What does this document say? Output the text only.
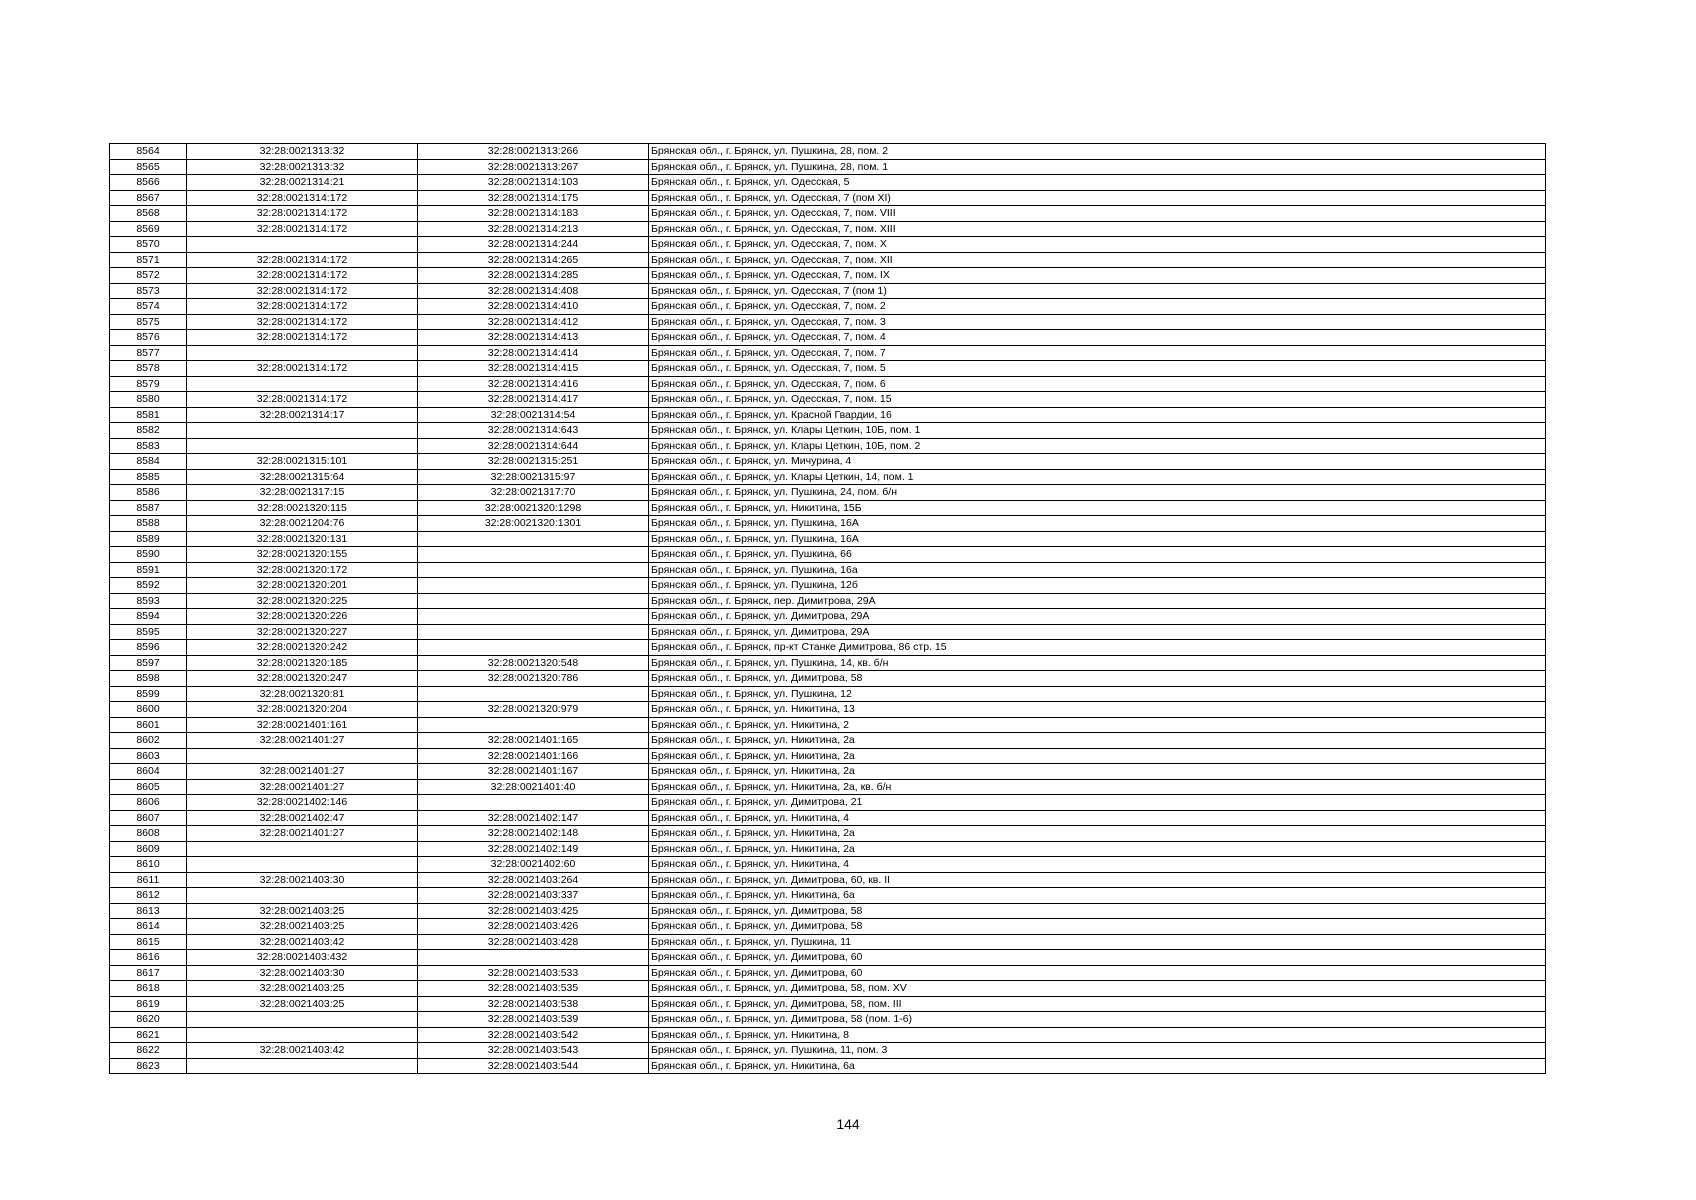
8564	32:28:0021313:32	32:28:0021313:266	Брянская обл., г. Брянск, ул. Пушкина, 28, пом. 2
8565	32:28:0021313:32	32:28:0021313:267	Брянская обл., г. Брянск, ул. Пушкина, 28, пом. 1
8566	32:28:0021314:21	32:28:0021314:103	Брянская обл., г. Брянск, ул. Одесская, 5
8567	32:28:0021314:172	32:28:0021314:175	Брянская обл., г. Брянск, ул. Одесская, 7 (пом XI)
8568	32:28:0021314:172	32:28:0021314:183	Брянская обл., г. Брянск, ул. Одесская, 7, пом. VIII
8569	32:28:0021314:172	32:28:0021314:213	Брянская обл., г. Брянск, ул. Одесская, 7, пом. XIII
8570		32:28:0021314:244	Брянская обл., г. Брянск, ул. Одесская, 7, пом. X
8571	32:28:0021314:172	32:28:0021314:265	Брянская обл., г. Брянск, ул. Одесская, 7, пом. XII
8572	32:28:0021314:172	32:28:0021314:285	Брянская обл., г. Брянск, ул. Одесская, 7, пом. IX
8573	32:28:0021314:172	32:28:0021314:408	Брянская обл., г. Брянск, ул. Одесская, 7 (пом 1)
8574	32:28:0021314:172	32:28:0021314:410	Брянская обл., г. Брянск, ул. Одесская, 7, пом. 2
8575	32:28:0021314:172	32:28:0021314:412	Брянская обл., г. Брянск, ул. Одесская, 7, пом. 3
8576	32:28:0021314:172	32:28:0021314:413	Брянская обл., г. Брянск, ул. Одесская, 7, пом. 4
8577		32:28:0021314:414	Брянская обл., г. Брянск, ул. Одесская, 7, пом. 7
8578	32:28:0021314:172	32:28:0021314:415	Брянская обл., г. Брянск, ул. Одесская, 7, пом. 5
8579		32:28:0021314:416	Брянская обл., г. Брянск, ул. Одесская, 7, пом. 6
8580	32:28:0021314:172	32:28:0021314:417	Брянская обл., г. Брянск, ул. Одесская, 7, пом. 15
8581	32:28:0021314:17	32:28:0021314:54	Брянская обл., г. Брянск, ул. Красной Гвардии, 16
8582		32:28:0021314:643	Брянская обл., г. Брянск, ул. Клары Цеткин, 10Б, пом. 1
8583		32:28:0021314:644	Брянская обл., г. Брянск, ул. Клары Цеткин, 10Б, пом. 2
8584	32:28:0021315:101	32:28:0021315:251	Брянская обл., г. Брянск, ул. Мичурина, 4
8585	32:28:0021315:64	32:28:0021315:97	Брянская обл., г. Брянск, ул. Клары Цеткин, 14, пом. 1
8586	32:28:0021317:15	32:28:0021317:70	Брянская обл., г. Брянск, ул. Пушкина, 24, пом. б/н
8587	32:28:0021320:115	32:28:0021320:1298	Брянская обл., г. Брянск, ул. Никитина, 15Б
8588	32:28:0021204:76	32:28:0021320:1301	Брянская обл., г. Брянск, ул. Пушкина, 16А
8589	32:28:0021320:131		Брянская обл., г. Брянск, ул. Пушкина, 16А
8590	32:28:0021320:155		Брянская обл., г. Брянск, ул. Пушкина, 66
8591	32:28:0021320:172		Брянская обл., г. Брянск, ул. Пушкина, 16а
8592	32:28:0021320:201		Брянская обл., г. Брянск, ул. Пушкина, 12б
8593	32:28:0021320:225		Брянская обл., г. Брянск, пер. Димитрова, 29А
8594	32:28:0021320:226		Брянская обл., г. Брянск, ул. Димитрова, 29А
8595	32:28:0021320:227		Брянская обл., г. Брянск, ул. Димитрова, 29А
8596	32:28:0021320:242		Брянская обл., г. Брянск, пр-кт Станке Димитрова, 86 стр. 15
8597	32:28:0021320:185	32:28:0021320:548	Брянская обл., г. Брянск, ул. Пушкина, 14, кв. б/н
8598	32:28:0021320:247	32:28:0021320:786	Брянская обл., г. Брянск, ул. Димитрова, 58
8599	32:28:0021320:81		Брянская обл., г. Брянск, ул. Пушкина, 12
8600	32:28:0021320:204	32:28:0021320:979	Брянская обл., г. Брянск, ул. Никитина, 13
8601	32:28:0021401:161		Брянская обл., г. Брянск, ул. Никитина, 2
8602	32:28:0021401:27	32:28:0021401:165	Брянская обл., г. Брянск, ул. Никитина, 2а
8603		32:28:0021401:166	Брянская обл., г. Брянск, ул. Никитина, 2а
8604	32:28:0021401:27	32:28:0021401:167	Брянская обл., г. Брянск, ул. Никитина, 2а
8605	32:28:0021401:27	32:28:0021401:40	Брянская обл., г. Брянск, ул. Никитина, 2а, кв. б/н
8606	32:28:0021402:146		Брянская обл., г. Брянск, ул. Димитрова, 21
8607	32:28:0021402:47	32:28:0021402:147	Брянская обл., г. Брянск, ул. Никитина, 4
8608	32:28:0021401:27	32:28:0021402:148	Брянская обл., г. Брянск, ул. Никитина, 2а
8609		32:28:0021402:149	Брянская обл., г. Брянск, ул. Никитина, 2а
8610		32:28:0021402:60	Брянская обл., г. Брянск, ул. Никитина, 4
8611	32:28:0021403:30	32:28:0021403:264	Брянская обл., г. Брянск, ул. Димитрова, 60, кв. II
8612		32:28:0021403:337	Брянская обл., г. Брянск, ул. Никитина, 6а
8613	32:28:0021403:25	32:28:0021403:425	Брянская обл., г. Брянск, ул. Димитрова, 58
8614	32:28:0021403:25	32:28:0021403:426	Брянская обл., г. Брянск, ул. Димитрова, 58
8615	32:28:0021403:42	32:28:0021403:428	Брянская обл., г. Брянск, ул. Пушкина, 11
8616	32:28:0021403:432		Брянская обл., г. Брянск, ул. Димитрова, 60
8617	32:28:0021403:30	32:28:0021403:533	Брянская обл., г. Брянск, ул. Димитрова, 60
8618	32:28:0021403:25	32:28:0021403:535	Брянская обл., г. Брянск, ул. Димитрова, 58, пом. XV
8619	32:28:0021403:25	32:28:0021403:538	Брянская обл., г. Брянск, ул. Димитрова, 58, пом. III
8620		32:28:0021403:539	Брянская обл., г. Брянск, ул. Димитрова, 58 (пом. 1-6)
8621		32:28:0021403:542	Брянская обл., г. Брянск, ул. Никитина, 8
8622	32:28:0021403:42	32:28:0021403:543	Брянская обл., г. Брянск, ул. Пушкина, 11, пом. 3
8623		32:28:0021403:544	Брянская обл., г. Брянск, ул. Никитина, 6а
144
